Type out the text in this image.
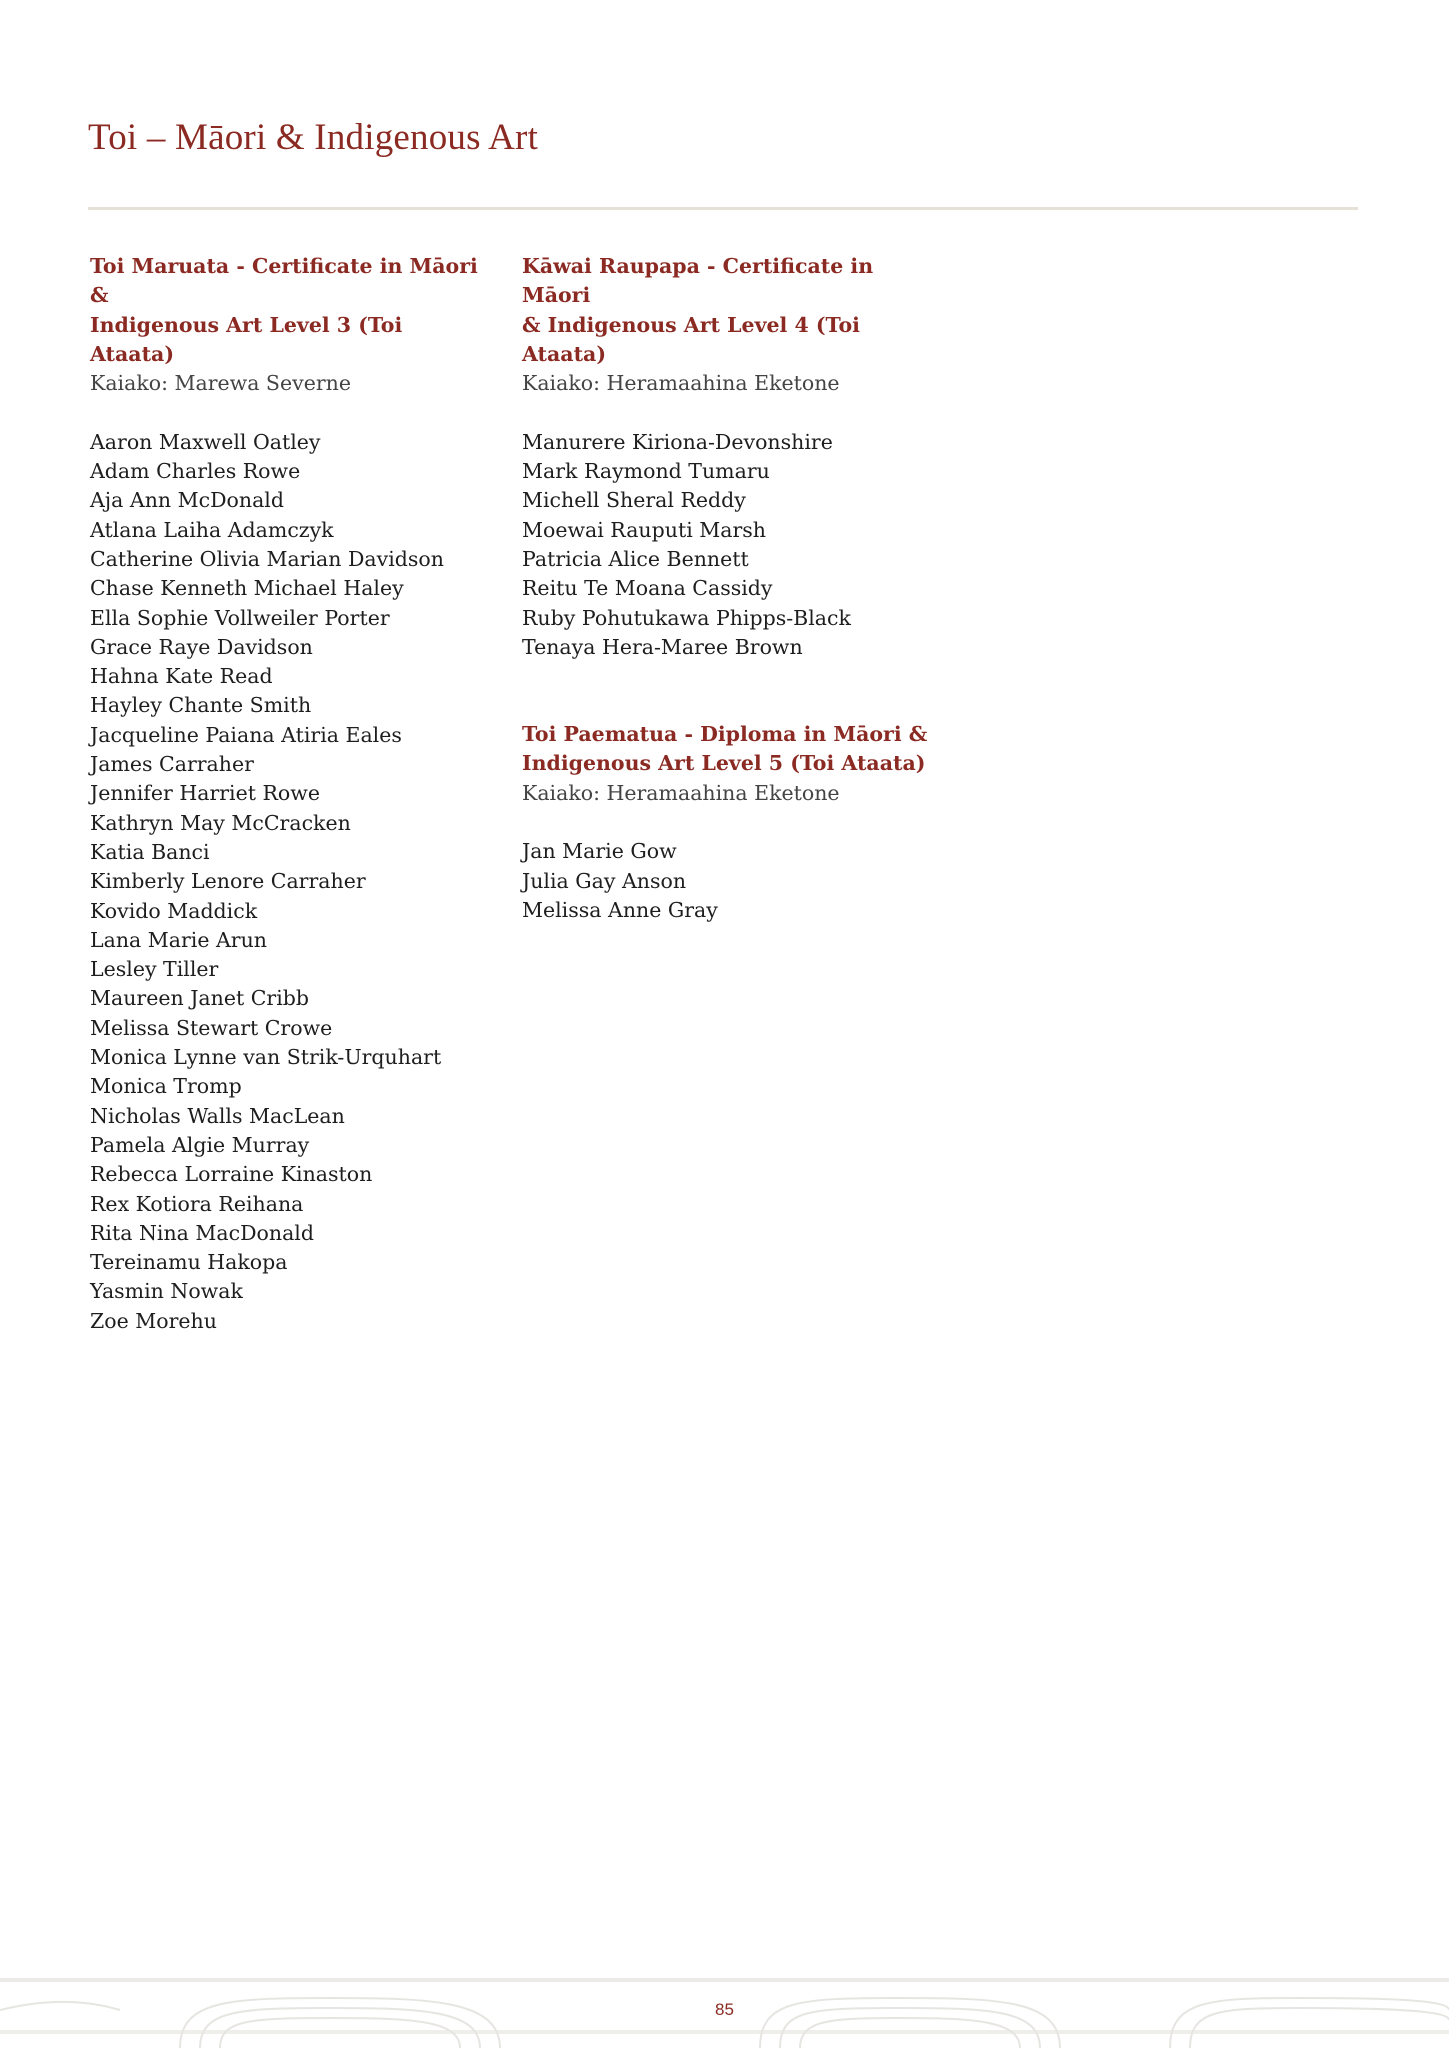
Toi – Māori & Indigenous Art

Toi Maruata - Certificate in Māori &
Indigenous Art Level 3 (Toi Ataata)

Kaiako: Marewa Severne

Aaron Maxwell Oatley
Adam Charles Rowe
Aja Ann McDonald
Atlana Laiha Adamczyk
Catherine Olivia Marian Davidson
Chase Kenneth Michael Haley
Ella Sophie Vollweiler Porter
Grace Raye Davidson
Hahna Kate Read
Hayley Chante Smith
Jacqueline Paiana Atiria Eales
James Carraher
Jennifer Harriet Rowe
Kathryn May McCracken
Katia Banci
Kimberly Lenore Carraher
Kovido Maddick
Lana Marie Arun
Lesley Tiller
Maureen Janet Cribb
Melissa Stewart Crowe
Monica Lynne van Strik-Urquhart
Monica Tromp
Nicholas Walls MacLean
Pamela Algie Murray
Rebecca Lorraine Kinaston
Rex Kotiora Reihana
Rita Nina MacDonald
Tereinamu Hakopa
Yasmin Nowak
Zoe Morehu

Kāwai Raupapa - Certificate in Māori
& Indigenous Art Level 4 (Toi Ataata)

Kaiako: Heramaahina Eketone

Manurere Kiriona-Devonshire
Mark Raymond Tumaru
Michell Sheral Reddy
Moewai Rauputi Marsh
Patricia Alice Bennett
Reitu Te Moana Cassidy
Ruby Pohutukawa Phipps-Black
Tenaya Hera-Maree Brown

Toi Paematua - Diploma in Māori &
Indigenous Art Level 5 (Toi Ataata)

Kaiako: Heramaahina Eketone

Jan Marie Gow
Julia Gay Anson
Melissa Anne Gray
85
